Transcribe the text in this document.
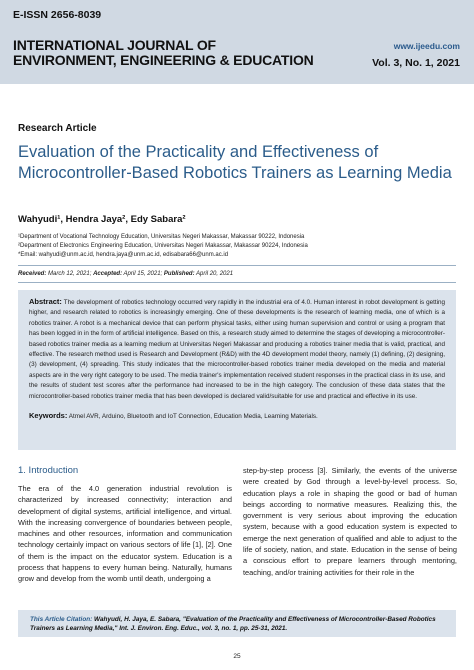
E-ISSN 2656-8039
INTERNATIONAL JOURNAL OF
ENVIRONMENT, ENGINEERING & EDUCATION
www.ijeedu.com
Vol. 3, No. 1, 2021
Research Article
Evaluation of the Practicality and Effectiveness of Microcontroller-Based Robotics Trainers as Learning Media
Wahyudi¹, Hendra Jaya², Edy Sabara²
¹Department of Vocational Technology Education, Universitas Negeri Makassar, Makassar 90222, Indonesia
²Department of Electronics Engineering Education, Universitas Negeri Makassar, Makassar 90224, Indonesia
*Email: wahyudi@unm.ac.id, hendra.jaya@unm.ac.id, edisabara66@unm.ac.id
Received: March 12, 2021; Accepted: April 15, 2021; Published: April 20, 2021
Abstract: The development of robotics technology occurred very rapidly in the industrial era of 4.0. Human interest in robot development is getting higher, and research related to robotics is increasingly emerging. One of these developments is the research of learning media, one of which is a robotics trainer. A robot is a mechanical device that can perform physical tasks, either using human supervision and control or using a program that has been logged in in the form of artificial intelligence. Based on this, a research study aimed to determine the stages of developing a microcontroller-based robotics trainer media as a learning medium at Universitas Negeri Makassar and producing a robotics trainer media that is valid, practical, and effective. The research method used is Research and Development (R&D) with the 4D development model theory, namely (1) defining, (2) designing, (3) development, (4) spreading. This study indicates that the microcontroller-based robotics trainer media developed on the media and material aspects are in the very right category to be used. The media trainer's implementation received student responses in the practical class in its use, and the results of student test scores after the performance had increased to be in the high category. The conclusion of these data states that the microcontroller-based robotics trainer media that has been developed is declared valid/suitable for use and practical and effective in its use.
Keywords: Atmel AVR, Arduino, Bluetooth and IoT Connection, Education Media, Learning Materials.
1. Introduction
The era of the 4.0 generation industrial revolution is characterized by increased connectivity; interaction and development of digital systems, artificial intelligence, and virtual. With the increasing convergence of boundaries between people, machines and other resources, information and communication technology certainly impact on various sectors of life [1], [2]. One of them is the impact on the educator system. Education is a process that happens to every human being. Naturally, humans grow and develop from the womb until death, undergoing a
step-by-step process [3]. Similarly, the events of the universe were created by God through a level-by-level process. So, education plays a role in shaping the good or bad of human beings according to normative measures. Realizing this, the government is very serious about improving the education system, because with a good education system is expected to emerge the next generation of qualified and able to adjust to the life of society, nation, and state. Education in the sense of being a conscious effort to prepare learners through mentoring, teaching, and/or training activities for their role in the
This Article Citation: Wahyudi, H. Jaya, E. Sabara, "Evaluation of the Practicality and Effectiveness of Microcontroller-Based Robotics Trainers as Learning Media," Int. J. Environ. Eng. Educ., vol. 3, no. 1, pp. 25-31, 2021.
25
